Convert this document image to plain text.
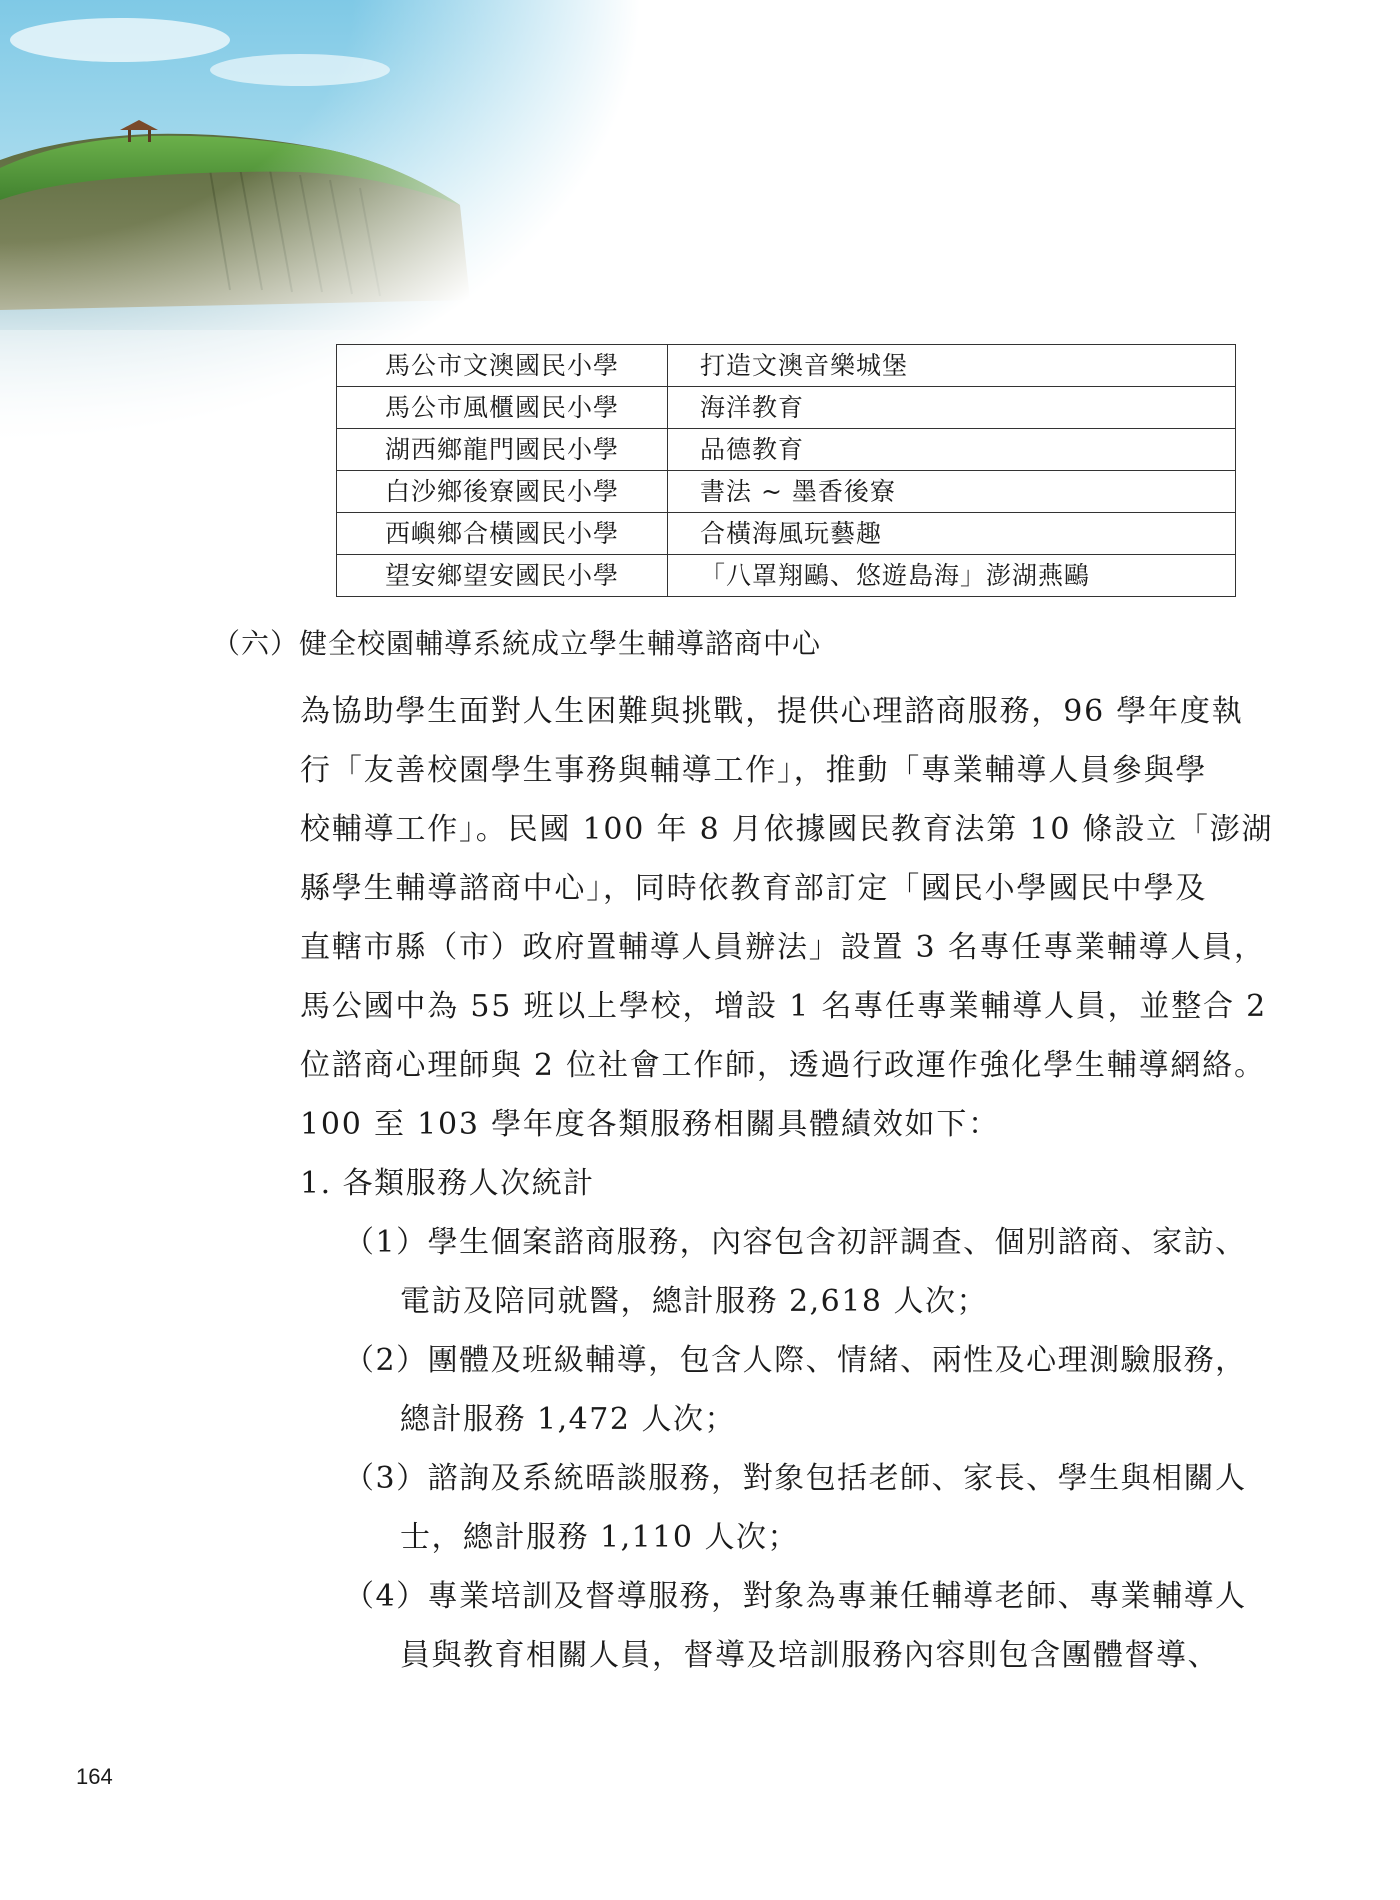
馬公市文澳國民小學	打造文澳音樂城堡
馬公市風櫃國民小學	海洋教育
湖西鄉龍門國民小學	品德教育
白沙鄉後寮國民小學	書法 ~ 墨香後寮
西嶼鄉合橫國民小學	合橫海風玩藝趣
望安鄉望安國民小學	「八罩翔鷗、悠遊島海」澎湖燕鷗
（六）健全校園輔導系統成立學生輔導諮商中心
為協助學生面對人生困難與挑戰，提供心理諮商服務，96 學年度執
行「友善校園學生事務與輔導工作」，推動「專業輔導人員參與學
校輔導工作」。民國 100 年 8 月依據國民教育法第 10 條設立「澎湖
縣學生輔導諮商中心」，同時依教育部訂定「國民小學國民中學及
直轄市縣（市）政府置輔導人員辦法」設置 3 名專任專業輔導人員，
馬公國中為 55 班以上學校，增設 1 名專任專業輔導人員，並整合 2
位諮商心理師與 2 位社會工作師，透過行政運作強化學生輔導網絡。
100 至 103 學年度各類服務相關具體績效如下：
1. 各類服務人次統計
（1）學生個案諮商服務，內容包含初評調查、個別諮商、家訪、
電訪及陪同就醫，總計服務 2,618 人次；
（2）團體及班級輔導，包含人際、情緒、兩性及心理測驗服務，
總計服務 1,472 人次；
（3）諮詢及系統晤談服務，對象包括老師、家長、學生與相關人
士，總計服務 1,110 人次；
（4）專業培訓及督導服務，對象為專兼任輔導老師、專業輔導人
員與教育相關人員，督導及培訓服務內容則包含團體督導、
164
